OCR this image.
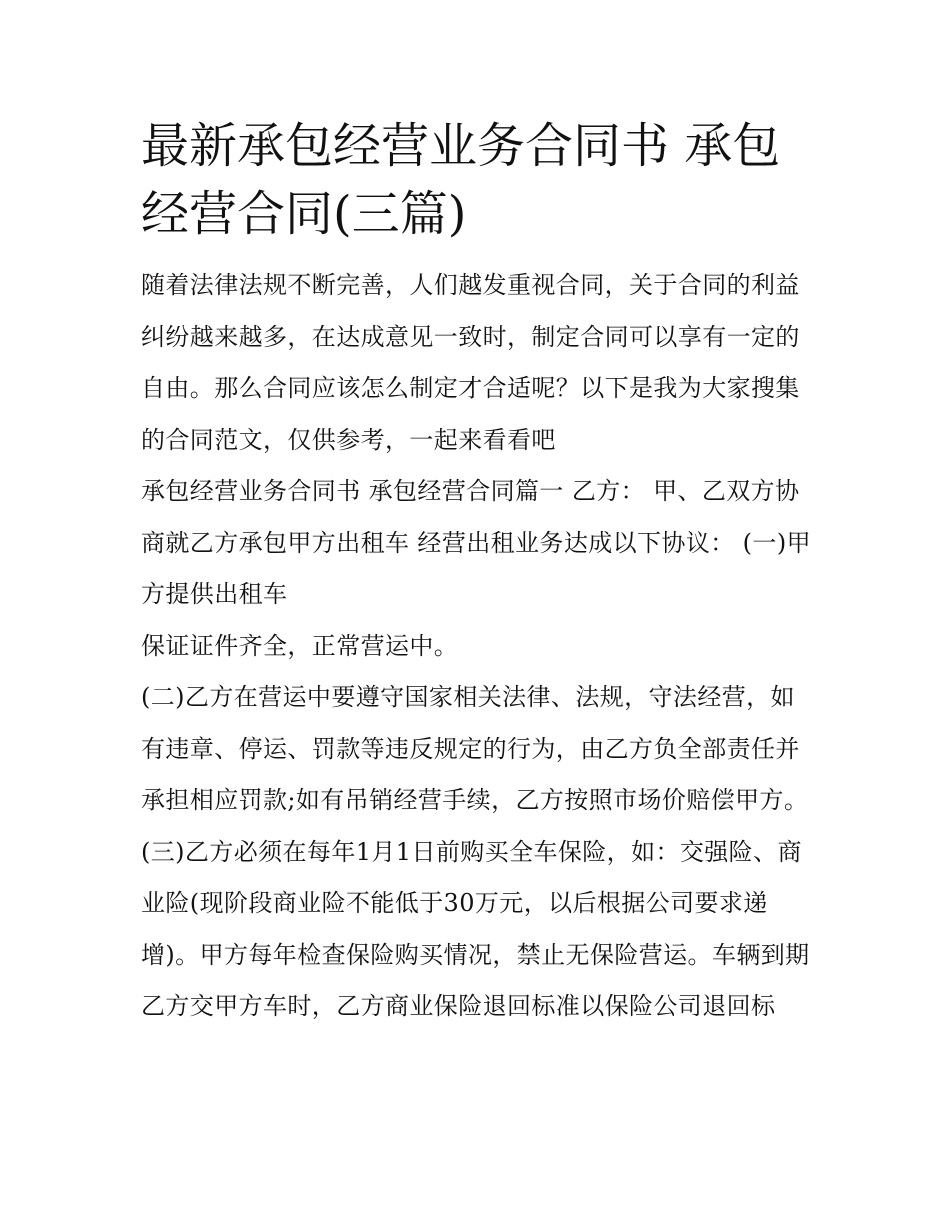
最新承包经营业务合同书 承包经营合同(三篇)

随着法律法规不断完善，人们越发重视合同，关于合同的利益纠纷越来越多，在达成意见一致时，制定合同可以享有一定的自由。那么合同应该怎么制定才合适呢？以下是我为大家搜集的合同范文，仅供参考，一起来看看吧

承包经营业务合同书 承包经营合同篇一 乙方： 甲、乙双方协商就乙方承包甲方出租车 经营出租业务达成以下协议： (一)甲方提供出租车

保证证件齐全，正常营运中。

(二)乙方在营运中要遵守国家相关法律、法规，守法经营，如有违章、停运、罚款等违反规定的行为，由乙方负全部责任并承担相应罚款;如有吊销经营手续，乙方按照市场价赔偿甲方。

(三)乙方必须在每年1月1日前购买全车保险，如：交强险、商业险(现阶段商业险不能低于30万元，以后根据公司要求递增)。甲方每年检查保险购买情况，禁止无保险营运。车辆到期乙方交甲方车时，乙方商业保险退回标准以保险公司退回标
